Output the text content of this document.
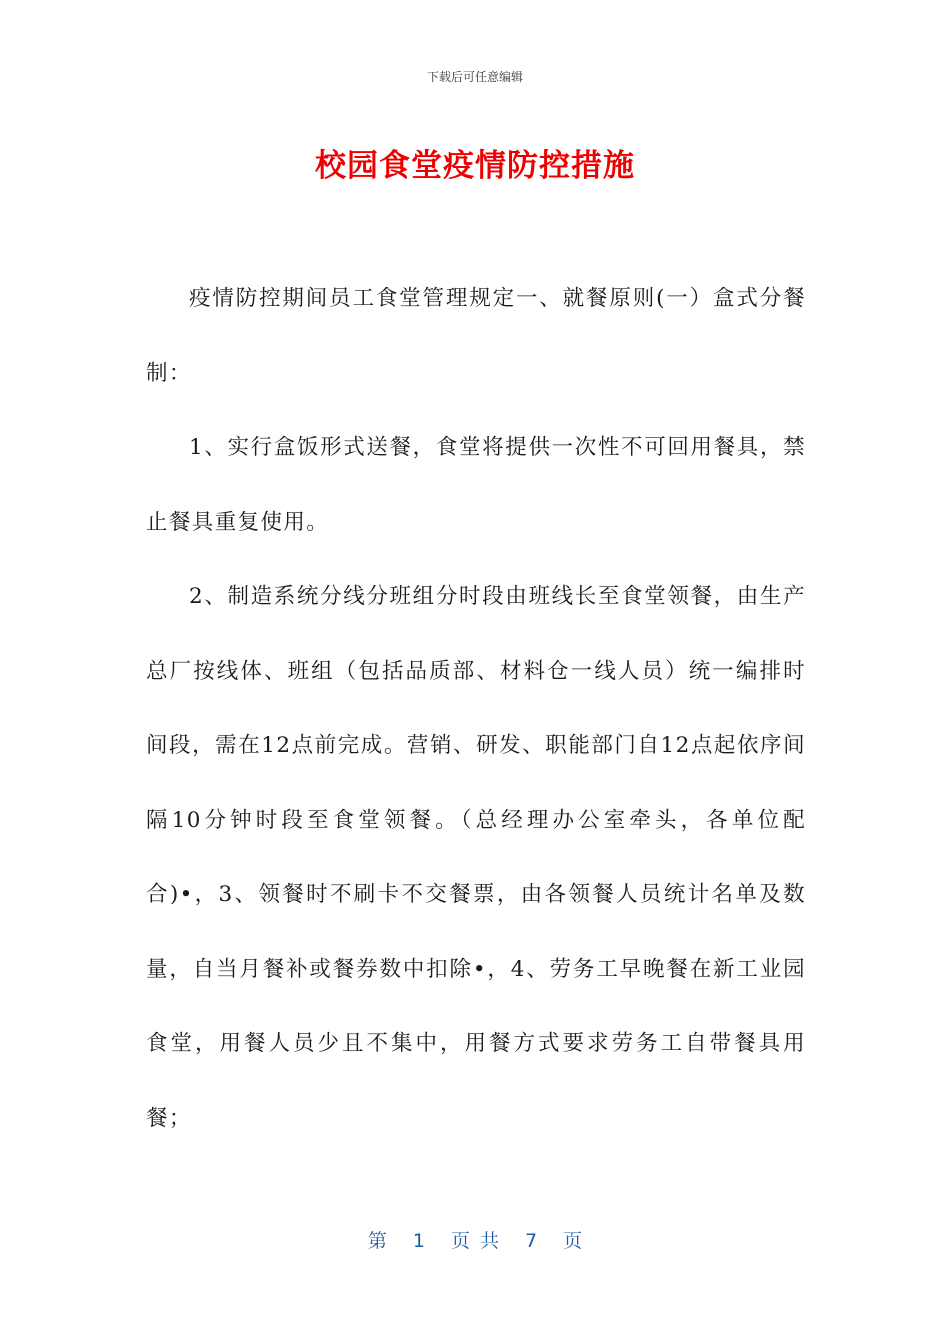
下载后可任意编辑
校园食堂疫情防控措施

疫情防控期间员工食堂管理规定一、就餐原则(一）盒式分餐制：

1、实行盒饭形式送餐，食堂将提供一次性不可回用餐具，禁止餐具重复使用。

2、制造系统分线分班组分时段由班线长至食堂领餐，由生产总厂按线体、班组（包括品质部、材料仓一线人员）统一编排时间段，需在12点前完成。营销、研发、职能部门自12点起依序间隔10分钟时段至食堂领餐。（总经理办公室牵头，各单位配合)•，3、领餐时不刷卡不交餐票，由各领餐人员统计名单及数量，自当月餐补或餐券数中扣除•，4、劳务工早晚餐在新工业园食堂，用餐人员少且不集中，用餐方式要求劳务工自带餐具用餐；

第 1 页 共 7 页
